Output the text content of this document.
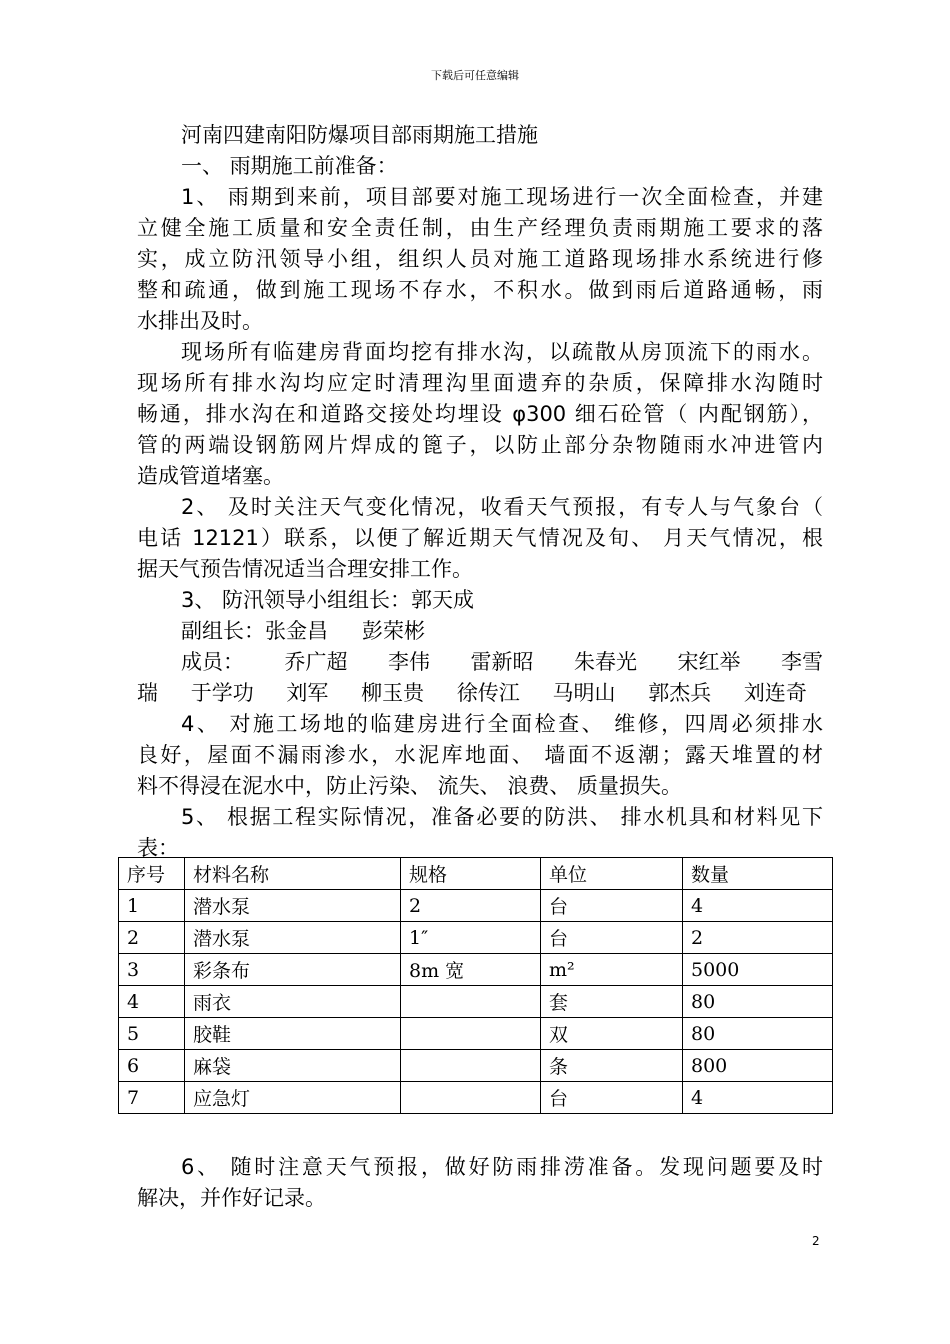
下载后可任意编辑

河南四建南阳防爆项目部雨期施工措施

一、 雨期施工前准备：

1、 雨期到来前，项目部要对施工现场进行一次全面检查，并建

立健全施工质量和安全责任制，由生产经理负责雨期施工要求的落

实，成立防汛领导小组，组织人员对施工道路现场排水系统进行修

整和疏通，做到施工现场不存水，不积水。做到雨后道路通畅，雨

水排出及时。

现场所有临建房背面均挖有排水沟，以疏散从房顶流下的雨水。

现场所有排水沟均应定时清理沟里面遗弃的杂质，保障排水沟随时

畅通，排水沟在和道路交接处均埋设 φ300 细石砼管（ 内配钢筋），

管的两端设钢筋网片焊成的篦子，以防止部分杂物随雨水冲进管内

造成管道堵塞。

2、 及时关注天气变化情况，收看天气预报，有专人与气象台（

电话 12121）联系，以便了解近期天气情况及旬、 月天气情况，根

据天气预告情况适当合理安排工作。

3、 防汛领导小组组长：郭天成

副组长：张金昌 彭荣彬

成员： 乔广超 李伟 雷新昭 朱春光 宋红举 李雪
瑞 于学功 刘军 柳玉贵 徐传江 马明山 郭杰兵 刘连奇

4、 对施工场地的临建房进行全面检查、 维修，四周必须排水

良好，屋面不漏雨渗水，水泥库地面、 墙面不返潮；露天堆置的材

料不得浸在泥水中，防止污染、 流失、 浪费、 质量损失。

5、 根据工程实际情况，准备必要的防洪、 排水机具和材料见下

表：

序号	材料名称	规格	单位	数量
1	潜水泵	2	台	4
2	潜水泵	1″	台	2
3	彩条布	8m 宽	m²	5000
4	雨衣		套	80
5	胶鞋		双	80
6	麻袋		条	800
7	应急灯		台	4

6、 随时注意天气预报，做好防雨排涝准备。发现问题要及时

解决，并作好记录。

2
